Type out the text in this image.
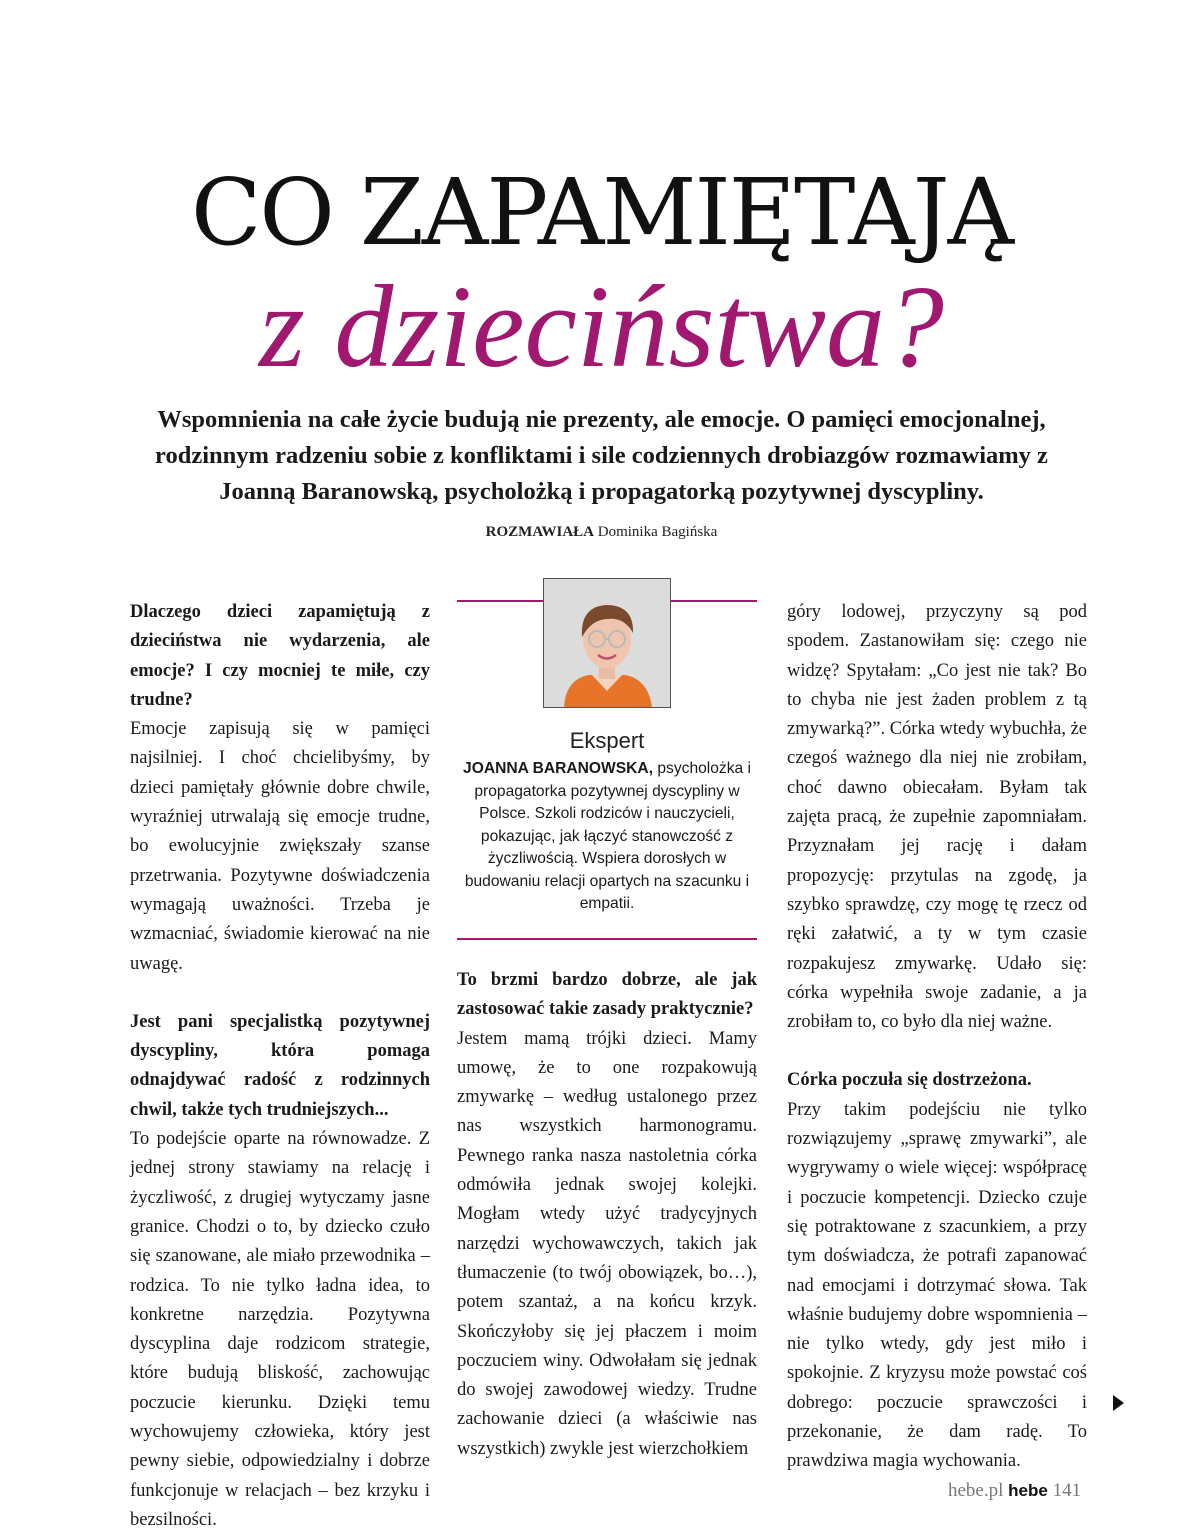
CO ZAPAMIĘTAJĄ
z dzieciństwa?

Wspomnienia na całe życie budują nie prezenty, ale emocje. O pamięci emocjonalnej, rodzinnym radzeniu sobie z konfliktami i sile codziennych drobiazgów rozmawiamy z Joanną Baranowską, psycholożką i propagatorką pozytywnej dyscypliny.

ROZMAWIAŁA Dominika Bagińska

Dlaczego dzieci zapamiętują z dzieciństwa nie wydarzenia, ale emocje? I czy mocniej te miłe, czy trudne?

Emocje zapisują się w pamięci najsilniej. I choć chcielibyśmy, by dzieci pamiętały głównie dobre chwile, wyraźniej utrwalają się emocje trudne, bo ewolucyjnie zwiększały szanse przetrwania. Pozytywne doświadczenia wymagają uważności. Trzeba je wzmacniać, świadomie kierować na nie uwagę.

Jest pani specjalistką pozytywnej dyscypliny, która pomaga odnajdywać radość z rodzinnych chwil, także tych trudniejszych...

To podejście oparte na równowadze. Z jednej strony stawiamy na relację i życzliwość, z drugiej wytyczamy jasne granice. Chodzi o to, by dziecko czuło się szanowane, ale miało przewodnika – rodzica. To nie tylko ładna idea, to konkretne narzędzia. Pozytywna dyscyplina daje rodzicom strategie, które budują bliskość, zachowując poczucie kierunku. Dzięki temu wychowujemy człowieka, który jest pewny siebie, odpowiedzialny i dobrze funkcjonuje w relacjach – bez krzyku i bezsilności.

Ekspert

JOANNA BARANOWSKA, psycholożka i propagatorka pozytywnej dyscypliny w Polsce. Szkoli rodziców i nauczycieli, pokazując, jak łączyć stanowczość z życzliwością. Wspiera dorosłych w budowaniu relacji opartych na szacunku i empatii.

To brzmi bardzo dobrze, ale jak zastosować takie zasady praktycznie?

Jestem mamą trójki dzieci. Mamy umowę, że to one rozpakowują zmywarkę – według ustalonego przez nas wszystkich harmonogramu. Pewnego ranka nasza nastoletnia córka odmówiła jednak swojej kolejki. Mogłam wtedy użyć tradycyjnych narzędzi wychowawczych, takich jak tłumaczenie (to twój obowiązek, bo…), potem szantaż, a na końcu krzyk. Skończyłoby się jej płaczem i moim poczuciem winy. Odwołałam się jednak do swojej zawodowej wiedzy. Trudne zachowanie dzieci (a właściwie nas wszystkich) zwykle jest wierzchołkiem

góry lodowej, przyczyny są pod spodem. Zastanowiłam się: czego nie widzę? Spytałam: „Co jest nie tak? Bo to chyba nie jest żaden problem z tą zmywarką?”. Córka wtedy wybuchła, że czegoś ważnego dla niej nie zrobiłam, choć dawno obiecałam. Byłam tak zajęta pracą, że zupełnie zapomniałam. Przyznałam jej rację i dałam propozycję: przytulas na zgodę, ja szybko sprawdzę, czy mogę tę rzecz od ręki załatwić, a ty w tym czasie rozpakujesz zmywarkę. Udało się: córka wypełniła swoje zadanie, a ja zrobiłam to, co było dla niej ważne.

Córka poczuła się dostrzeżona.

Przy takim podejściu nie tylko rozwiązujemy „sprawę zmywarki”, ale wygrywamy o wiele więcej: współpracę i poczucie kompetencji. Dziecko czuje się potraktowane z szacunkiem, a przy tym doświadcza, że potrafi zapanować nad emocjami i dotrzymać słowa. Tak właśnie budujemy dobre wspomnienia – nie tylko wtedy, gdy jest miło i spokojnie. Z kryzysu może powstać coś dobrego: poczucie sprawczości i przekonanie, że dam radę. To prawdziwa magia wychowania.

hebe.pl hebe 141
